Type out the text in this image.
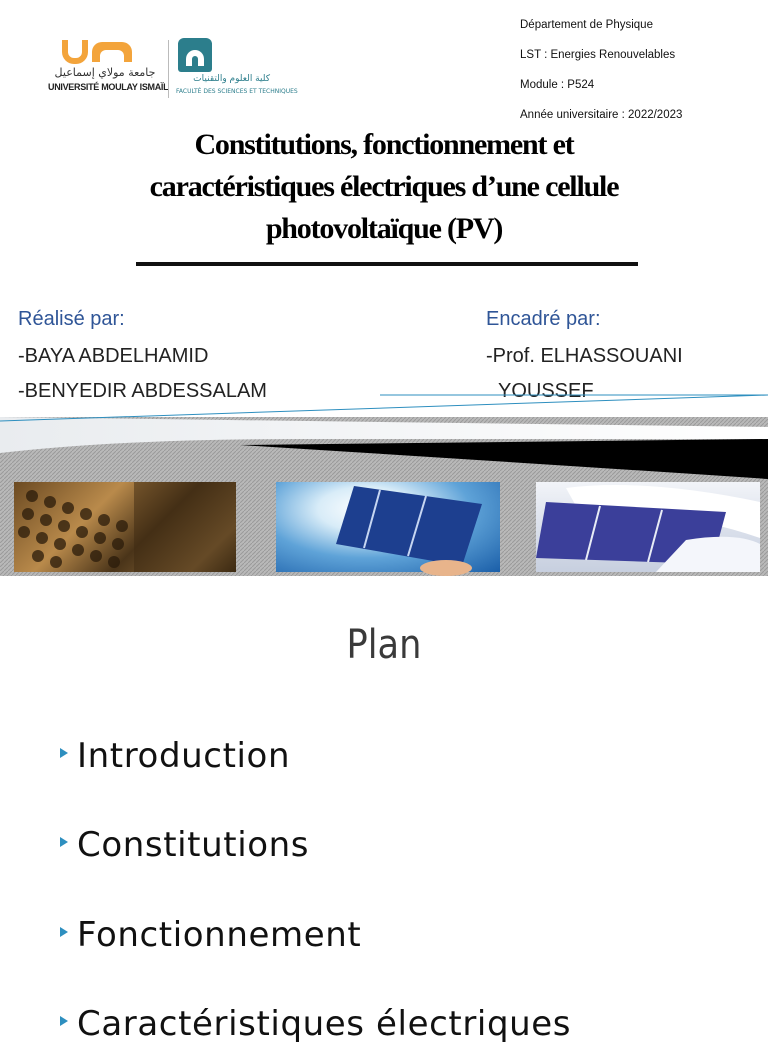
جامعة مولاي إسماعيل
UNIVERSITÉ MOULAY ISMAÏL
كلية العلوم والتقنيات
FACULTÉ DES SCIENCES ET TECHNIQUES
Département de Physique
LST : Energies Renouvelables
Module : P524
Année universitaire : 2022/2023
Constitutions, fonctionnement et
caractéristiques électriques d’une cellule
photovoltaïque (PV)
Réalisé par:
-BAYA ABDELHAMID
-BENYEDIR ABDESSALAM
Encadré par:
-Prof. ELHASSOUANI
YOUSSEF
Plan
Introduction
Constitutions
Fonctionnement
Caractéristiques électriques
